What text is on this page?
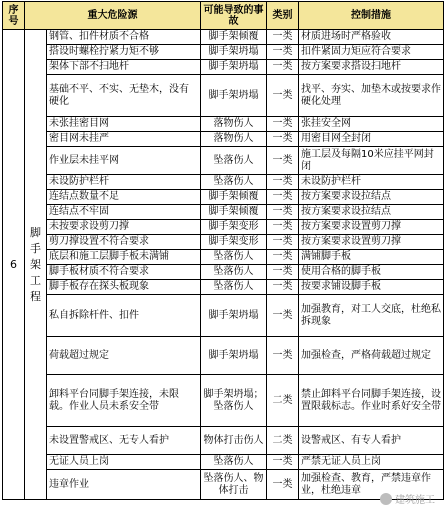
序号	重大危险源		可能导致的事故	类别	控制措施
6	脚手架工程	钢管、扣件材质不合格	脚手架倾覆	一类	材质进场时严格验收
		搭设时螺栓拧紧力矩不够	脚手架坍塌	一类	扣件紧固力矩应符合要求
		架体下部不扫地杆	脚手架坍塌	一类	按方案要求搭设扫地杆
		基础不平、不实、无垫木，没有硬化	脚手架坍塌	一类	找平、夯实、加垫木或按要求作硬化处理
		未张挂密目网	落物伤人	一类	张挂安全网
		密目网未挂严	落物伤人	一类	用密目网全封闭
		作业层未挂平网	坠落伤人	一类	施工层及每隔10米应挂平网封闭
		未设防护栏杆	坠落伤人	一类	未设防护栏杆
		连结点数量不足	脚手架倾覆	一类	按方案要求设拉结点
		连结点不牢固	脚手架倾覆	一类	按方案要求设拉结点
		未按要求设剪刀撑	脚手架变形	一类	按方案要求设置剪刀撑
		剪刀撑设置不符合要求	脚手架变形	一类	按方案要求设置剪刀撑
		底层和施工层脚手板未满铺	坠落伤人	一类	满铺脚手板
		脚手板材质不符合要求	坠落伤人	一类	使用合格的脚手板
		脚手板存在探头板现象	坠落伤人	一类	按要求铺设脚手板
		私自拆除杆件、扣件	脚手架坍塌	一类	加强教育，对工人交底，杜绝私拆现象
		荷载超过规定	脚手架坍塌	一类	加强检查，严格荷载超过规定
		卸料平台同脚手架连接，未限载。作业人员未系安全带	脚手架坍塌；坠落伤人	二类	禁止卸料平台同脚手架连接，设置限载标志。作业时系好安全带
		未设置警戒区、无专人看护	物体打击伤人	二类	设警戒区、有专人看护
		无证人员上岗	坠落伤人	一类	严禁无证人员上岗
		违章作业	坠落伤人、物体打击	一类	加强检查、教育，严禁违章作业，杜绝违章
建筑施工
